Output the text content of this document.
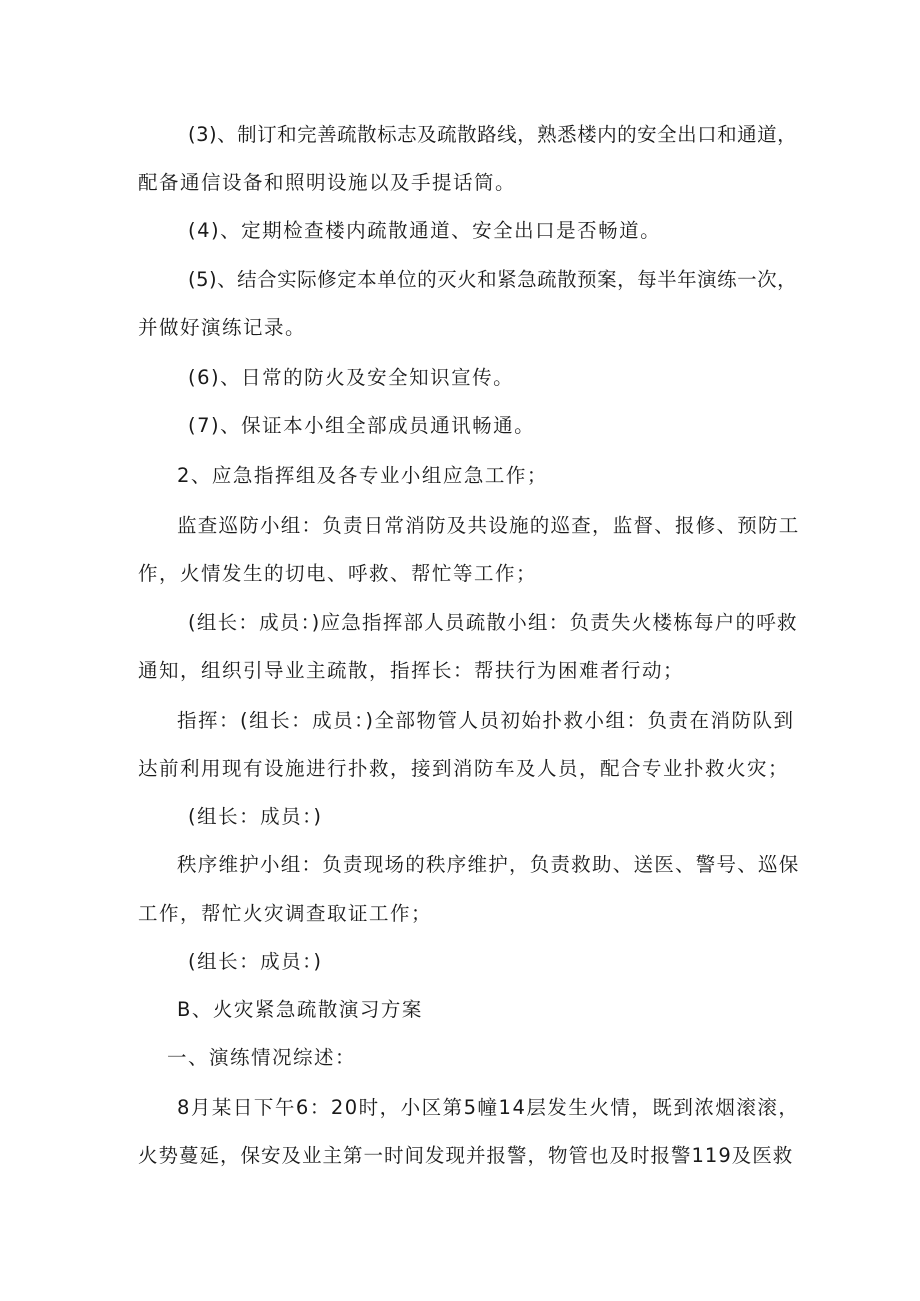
(3)、制订和完善疏散标志及疏散路线，熟悉楼内的安全出口和通道，
配备通信设备和照明设施以及手提话筒。
(4)、定期检查楼内疏散通道、安全出口是否畅道。
(5)、结合实际修定本单位的灭火和紧急疏散预案，每半年演练一次，
并做好演练记录。
(6)、日常的防火及安全知识宣传。
(7)、保证本小组全部成员通讯畅通。
2、应急指挥组及各专业小组应急工作；
监查巡防小组：负责日常消防及共设施的巡查，监督、报修、预防工
作，火情发生的切电、呼救、帮忙等工作；
(组长：成员：)应急指挥部人员疏散小组：负责失火楼栋每户的呼救
通知，组织引导业主疏散，指挥长：帮扶行为困难者行动；
指挥：(组长：成员：)全部物管人员初始扑救小组：负责在消防队到
达前利用现有设施进行扑救，接到消防车及人员，配合专业扑救火灾；
(组长：成员：)
秩序维护小组：负责现场的秩序维护，负责救助、送医、警号、巡保
工作，帮忙火灾调查取证工作；
(组长：成员：)
B、火灾紧急疏散演习方案
一、演练情况综述：
8月某日下午6：20时，小区第5幢14层发生火情，既到浓烟滚滚，
火势蔓延，保安及业主第一时间发现并报警，物管也及时报警119及医救
